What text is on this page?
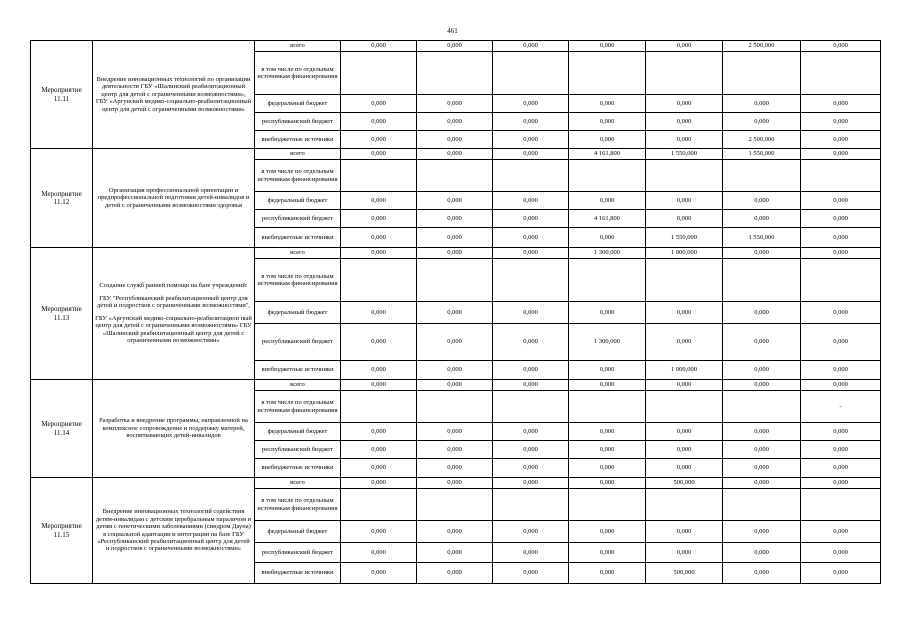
461
Мероприятие 11.11	Внедрение инновационных технологий по организации деятельности ГБУ «Шалинский реабилитационный центр для детей с ограниченными возможностями», ГБУ «Аргунский медико-социально-реабилитационный центр для детей с ограниченными возможностями»	всего	0,000	0,000	0,000	0,000	0,000	2 500,000	0,000
		в том числе по отдельным источникам финансирования							
		федеральный бюджет	0,000	0,000	0,000	0,000	0,000	0,000	0,000
		республиканский бюджет	0,000	0,000	0,000	0,000	0,000	0,000	0,000
		внебюджетные источники	0,000	0,000	0,000	0,000	0,000	2 500,000	0,000
Мероприятие 11.12	Организация профессиональной ориентации и предпрофессиональной подготовки детей-инвалидов и детей с ограниченными возможностями здоровья	всего	0,000	0,000	0,000	4 161,800	1 550,000	1 550,000	0,000
		в том числе по отдельным источникам финансирования							
		федеральный бюджет	0,000	0,000	0,000	0,000	0,000	0,000	0,000
		республиканский бюджет	0,000	0,000	0,000	4 161,800	0,000	0,000	0,000
		внебюджетные источники	0,000	0,000	0,000	0,000	1 550,000	1 550,000	0,000
Мероприятие 11.13	Создание служб ранней помощи на базе учреждений:
ГБУ "Республиканский реабилитационный центр для детей и подростков с ограниченными возможностями",
ГБУ «Аргунский медико-социально-реабилитацион ный центр для детей с ограниченными возможностями» ГБУ «Шалинский реабилитационный центр для детей с ограниченными возможностями»	всего	0,000	0,000	0,000	1 300,000	1 000,000	0,000	0,000
		в том числе по отдельным источникам финансирования							
		федеральный бюджет	0,000	0,000	0,000	0,000	0,000	0,000	0,000
		республиканский бюджет	0,000	0,000	0,000	1 300,000	0,000	0,000	0,000
		внебюджетные источники	0,000	0,000	0,000	0,000	1 000,000	0,000	0,000
Мероприятие 11.14	Разработка и внедрение программы, направленной на комплексное сопровождение и поддержку матерей, воспитывающих детей-инвалидов	всего	0,000	0,000	0,000	0,000	0,000	0,000	0,000
		в том числе по отдельным источникам финансирования							-
		федеральный бюджет	0,000	0,000	0,000	0,000	0,000	0,000	0,000
		республиканский бюджет	0,000	0,000	0,000	0,000	0,000	0,000	0,000
		внебюджетные источники	0,000	0,000	0,000	0,000	0,000	0,000	0,000
Мероприятие 11.15	Внедрение инновационных технологий содействия детям-инвалидам с детским церебральным параличом и детям с генетическими заболеваниями (синдром Дауна) в социальной адаптации и интеграции на базе ГБУ «Республиканский реабилитационный центр для детей и подростков с ограниченными возможностями»	всего	0,000	0,000	0,000	0,000	500,000	0,000	0,000
		в том числе по отдельным источникам финансирования							
		федеральный бюджет	0,000	0,000	0,000	0,000	0,000	0,000	0,000
		республиканский бюджет	0,000	0,000	0,000	0,000	0,000	0,000	0,000
		внебюджетные источники	0,000	0,000	0,000	0,000	500,000	0,000	0,000
